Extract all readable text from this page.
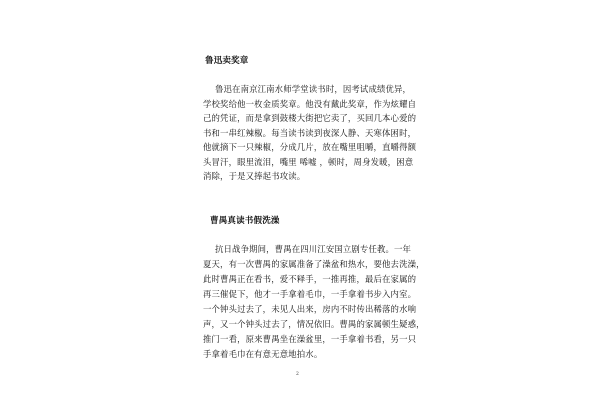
鲁迅卖奖章
鲁迅在南京江南水师学堂读书时，因考试成绩优异，
学校奖给他一枚金质奖章。他没有戴此奖章，作为炫耀自
己的凭证，而是拿到鼓楼大街把它卖了，买回几本心爱的
书和一串红辣椒。每当读书读到夜深人静、天寒体困时，
他就摘下一只辣椒，分成几片，放在嘴里咀嚼，直嚼得额
头冒汗，眼里流泪，嘴里 唏嘘 ，顿时，周身发暖，困意
消除，于是又捧起书攻读。
曹禺真读书假洗澡
抗日战争期间，曹禺在四川江安国立剧专任教。一年
夏天，有一次曹禺的家属准备了澡盆和热水，要他去洗澡，
此时曹禺正在看书，爱不释手，一推再推，最后在家属的
再三催促下，他才一手拿着毛巾，一手拿着书步入内室。
一个钟头过去了，未见人出来，房内不时传出稀落的水响
声，又一个钟头过去了，情况依旧。曹禺的家属顿生疑惑，
推门一看，原来曹禺坐在澡盆里，一手拿着书看，另一只
手拿着毛巾在有意无意地拍水。
2
